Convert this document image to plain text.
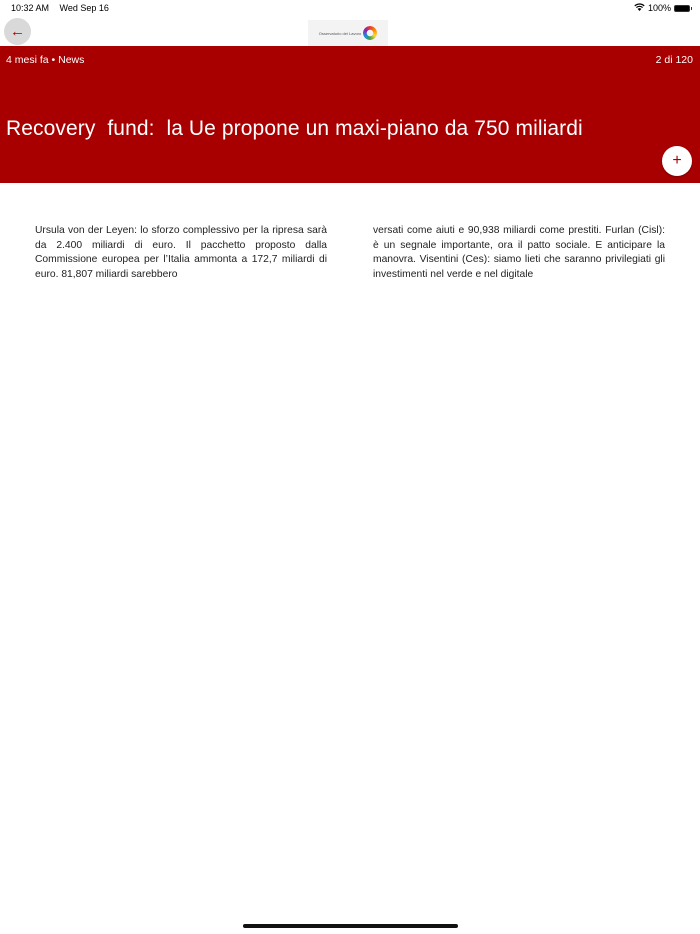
10:32 AM Wed Sep 16	100%
←	Osservatorio del Lavoro
4 mesi fa • News	2 di 120
Recovery  fund:  la Ue propone un maxi-piano da 750 miliardi
+

Ursula von der Leyen: lo sforzo complessivo per la ripresa sarà da 2.400 miliardi di euro. Il pacchetto proposto dalla Commissione europea per l’Italia ammonta a 172,7 miliardi di euro. 81,807 miliardi sarebbero

versati come aiuti e 90,938 miliardi come prestiti. Furlan (Cisl): è un segnale importante, ora il patto sociale. E anticipare la manovra. Visentini (Ces): siamo lieti che saranno privilegiati gli investimenti nel verde e nel digitale
